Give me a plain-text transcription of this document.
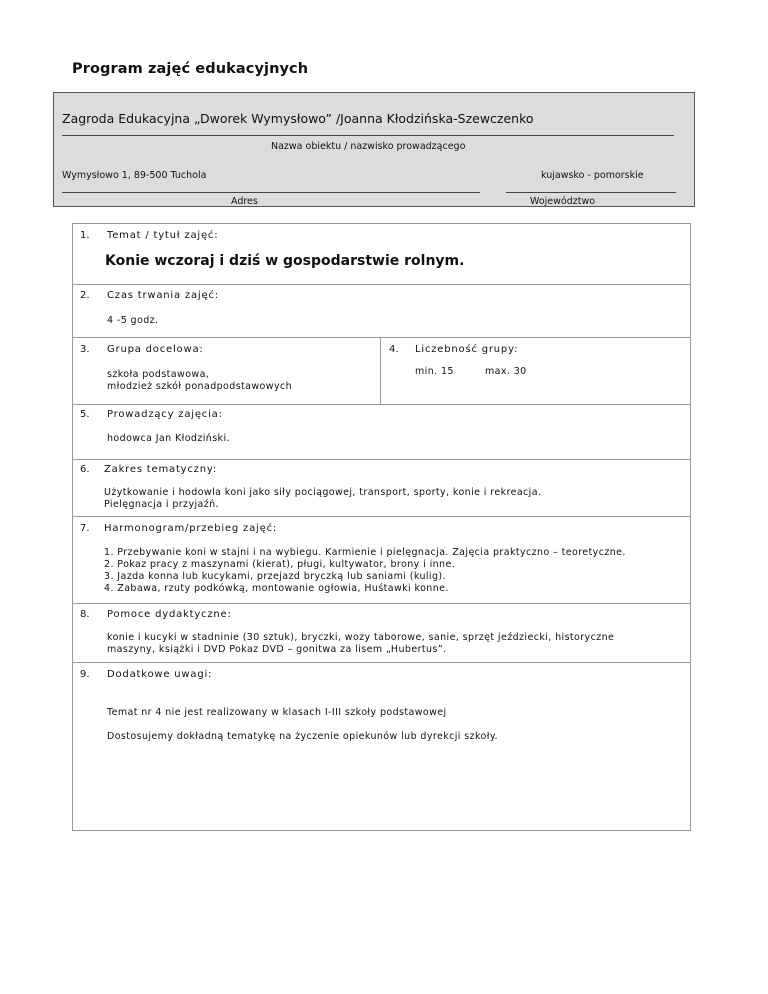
Program zajęć edukacyjnych
Zagroda Edukacyjna „Dworek Wymysłowo” /Joanna Kłodzińska-Szewczenko
Nazwa obiektu / nazwisko prowadzącego
Wymysłowo 1, 89-500 Tuchola	kujawsko - pomorskie
Adres	Województwo
1. Temat / tytuł zajęć:
Konie wczoraj i dziś w gospodarstwie rolnym.
2. Czas trwania zajęć:
4 -5 godz.
3. Grupa docelowa:
szkoła podstawowa,
młodzież szkół ponadpodstawowych
4. Liczebność grupy:
min. 15	max. 30
5. Prowadzący zajęcia:
hodowca Jan Kłodziński.
6. Zakres tematyczny:
Użytkowanie i hodowla koni jako siły pociągowej, transport, sporty, konie i rekreacja.
Pielęgnacja i przyjaźń.
7. Harmonogram/przebieg zajęć:
1. Przebywanie koni w stajni i na wybiegu. Karmienie i pielęgnacja. Zajęcia praktyczno – teoretyczne.
2. Pokaz pracy z maszynami (kierat), pługi, kultywator, brony i inne.
3. Jazda konna lub kucykami, przejazd bryczką lub saniami (kulig).
4. Zabawa, rzuty podkówką, montowanie ogłowia, Huśtawki konne.
8. Pomoce dydaktyczne:
konie i kucyki w stadninie (30 sztuk), bryczki, wozy taborowe, sanie, sprzęt jeździecki, historyczne
maszyny, książki i DVD Pokaz DVD – gonitwa za lisem „Hubertus”.
9. Dodatkowe uwagi:
Temat nr 4 nie jest realizowany w klasach I-III szkoły podstawowej
Dostosujemy dokładną tematykę na życzenie opiekunów lub dyrekcji szkoły.
